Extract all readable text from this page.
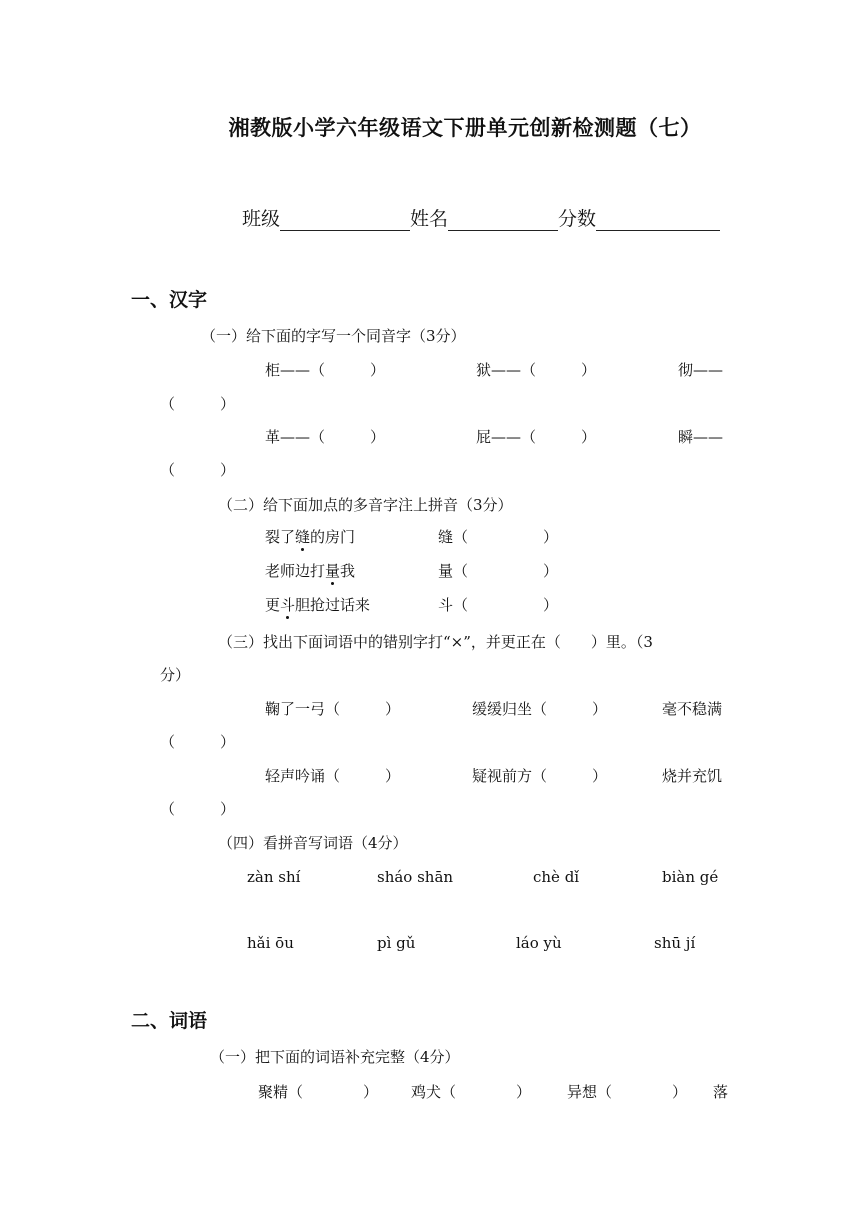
湘教版小学六年级语文下册单元创新检测题（七）
班级	姓名	分数
一、汉字
（一）给下面的字写一个同音字（3分）
柜——（　　　）	狱——（　　　）	彻——
（　　　）
革——（　　　）	屁——（　　　）	瞬——
（　　　）
（二）给下面加点的多音字注上拼音（3分）
裂了缝的房门	缝（　　　　　）
老师边打量我	量（　　　　　）
更斗胆抢过话来	斗（　　　　　）
（三）找出下面词语中的错别字打“×”，并更正在（　　）里。（3
分）
鞠了一弓（　　　）	缓缓归坐（　　　）	毫不稳满
（　　　）
轻声吟诵（　　　）	疑视前方（　　　）	烧并充饥
（　　　）
（四）看拼音写词语（4分）
zàn shí	sháo shān	chè dǐ	biàn gé
hǎi ōu	pì gǔ	láo yù	shū jí
二、词语
（一）把下面的词语补充完整（4分）
聚精（　　　　） 鸡犬（　　　　） 异想（　　　　） 落
